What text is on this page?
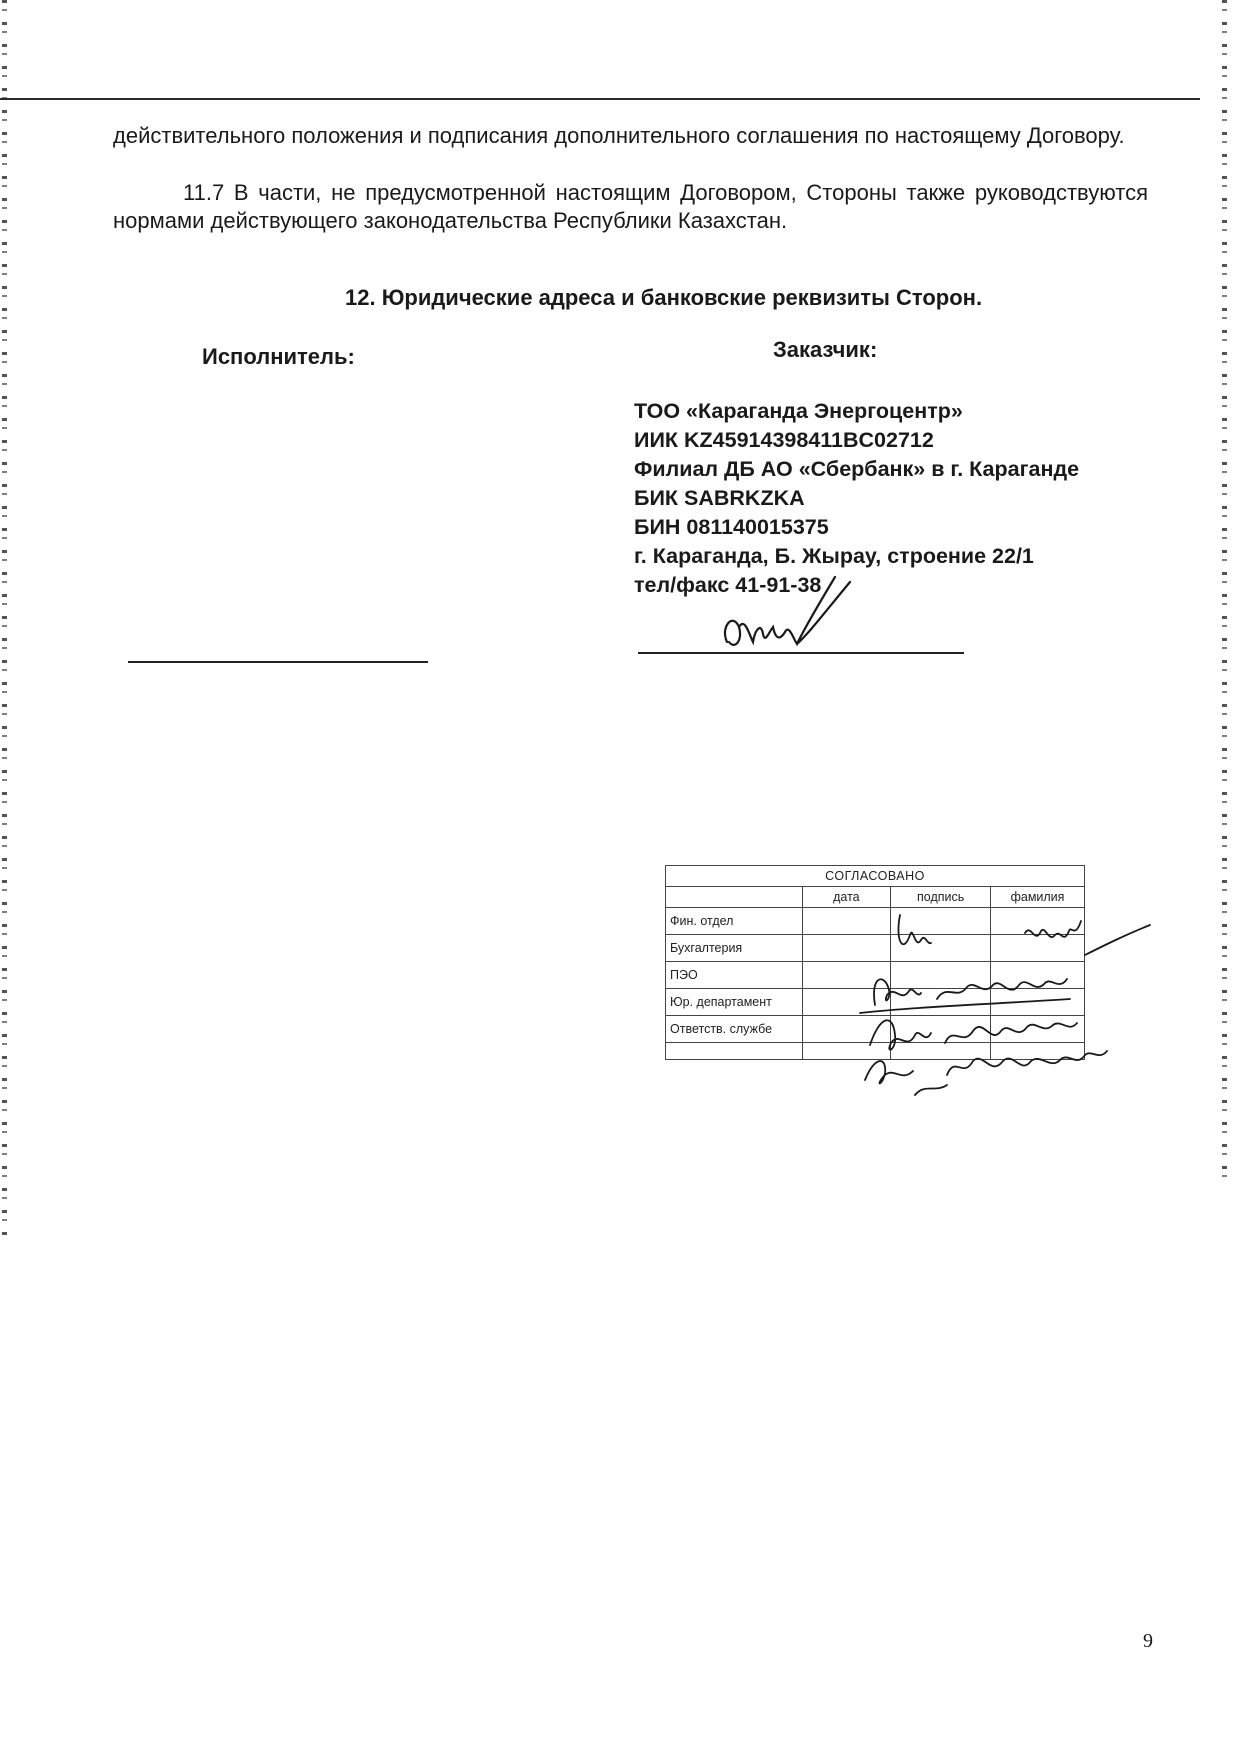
действительного положения и подписания дополнительного соглашения по настоящему Договору.

11.7 В части, не предусмотренной настоящим Договором, Стороны также руководствуются нормами действующего законодательства Республики Казахстан.

12. Юридические адреса и банковские реквизиты Сторон.
Исполнитель:	Заказчик:
ТОО «Караганда Энергоцентр»
ИИК KZ45914398411BC02712
Филиал ДБ АО «Сбербанк» в г. Караганде
БИК SABRKZKA
БИН 081140015375
г. Караганда, Б. Жырау, строение 22/1
тел/факс 41-91-38
СОГЛАСОВАНО			
	дата	подпись	фамилия
Фин. отдел			
Бухгалтерия			
ПЭО			
Юр. департамент			
Ответств. службе			

9
